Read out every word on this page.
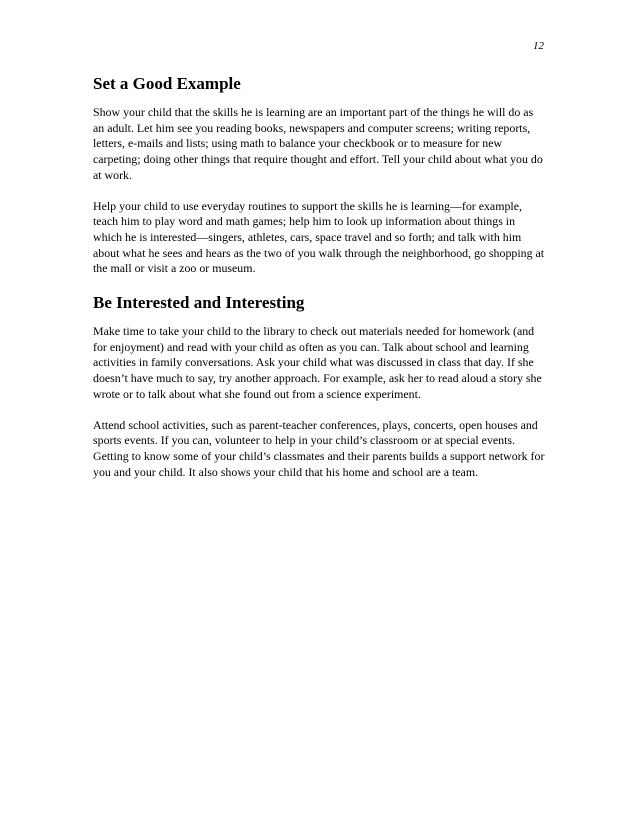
12
Set a Good Example

Show your child that the skills he is learning are an important part of the things he will do as an adult. Let him see you reading books, newspapers and computer screens; writing reports, letters, e-mails and lists; using math to balance your checkbook or to measure for new carpeting; doing other things that require thought and effort. Tell your child about what you do at work.

Help your child to use everyday routines to support the skills he is learning—for example, teach him to play word and math games; help him to look up information about things in which he is interested—singers, athletes, cars, space travel and so forth; and talk with him about what he sees and hears as the two of you walk through the neighborhood, go shopping at the mall or visit a zoo or museum.

Be Interested and Interesting

Make time to take your child to the library to check out materials needed for homework (and for enjoyment) and read with your child as often as you can. Talk about school and learning activities in family conversations. Ask your child what was discussed in class that day. If she doesn’t have much to say, try another approach. For example, ask her to read aloud a story she wrote or to talk about what she found out from a science experiment.

Attend school activities, such as parent-teacher conferences, plays, concerts, open houses and sports events. If you can, volunteer to help in your child’s classroom or at special events. Getting to know some of your child’s classmates and their parents builds a support network for you and your child. It also shows your child that his home and school are a team.
